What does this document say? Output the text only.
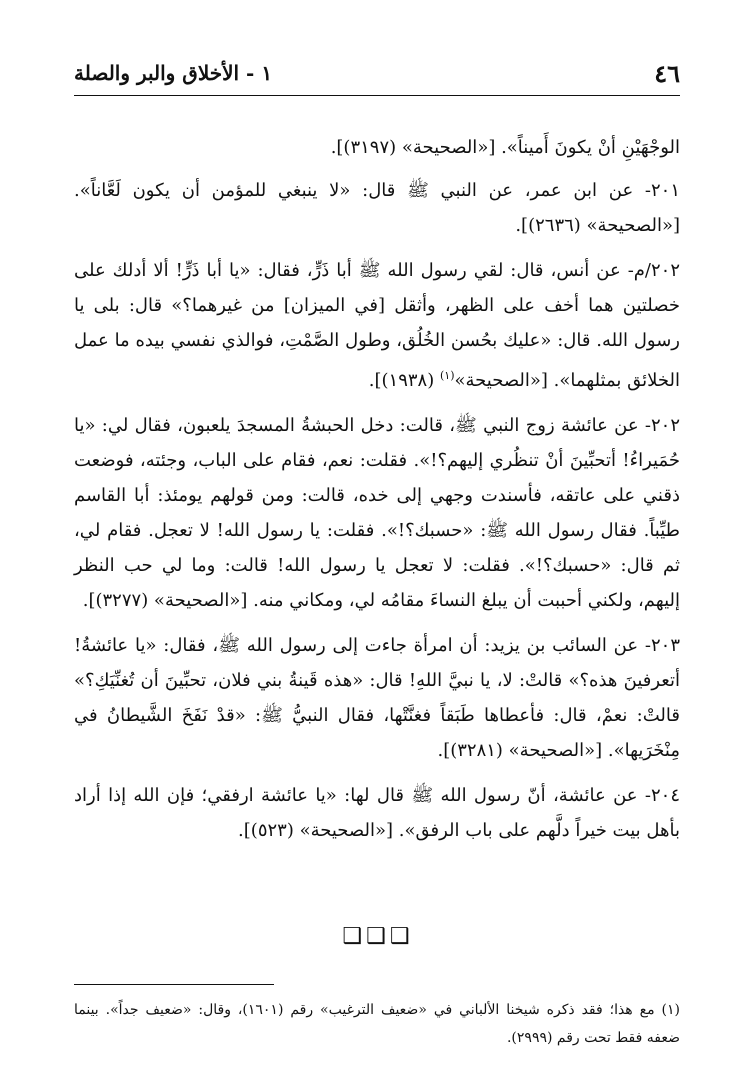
٤٦
١ - الأخلاق والبر والصلة

الوجْهَيْنِ أنْ يكونَ أَميناً». [«الصحيحة» (٣١٩٧)].

٢٠١- عن ابن عمر، عن النبي ﷺ قال: «لا ينبغي للمؤمن أن يكون لَعَّاناً». [«الصحيحة» (٢٦٣٦)].

٢٠٢/م- عن أنس، قال: لقي رسول الله ﷺ أبا ذَرٍّ، فقال: «يا أبا ذَرٍّ! ألا أدلك على خصلتين هما أخف على الظهر، وأثقل [في الميزان] من غيرهما؟» قال: بلى يا رسول الله. قال: «عليك بحُسن الخُلُق، وطول الصَّمْتِ، فوالذي نفسي بيده ما عمل الخلائق بمثلهما». [«الصحيحة»$^{(١)}$ (١٩٣٨)].

٢٠٢- عن عائشة زوج النبي ﷺ، قالت: دخل الحبشةُ المسجدَ يلعبون، فقال لي: «يا حُمَيراءُ! أتحبِّينَ أنْ تنظُري إليهم؟!». فقلت: نعم، فقام على الباب، وجئته، فوضعت ذقني على عاتقه، فأسندت وجهي إلى خده، قالت: ومن قولهم يومئذ: أبا القاسم طيِّباً. فقال رسول الله ﷺ: «حسبك؟!». فقلت: يا رسول الله! لا تعجل. فقام لي، ثم قال: «حسبك؟!». فقلت: لا تعجل يا رسول الله! قالت: وما لي حب النظر إليهم، ولكني أحببت أن يبلغ النساءَ مقامُه لي، ومكاني منه. [«الصحيحة» (٣٢٧٧)].

٢٠٣- عن السائب بن يزيد: أن امرأة جاءت إلى رسول الله ﷺ، فقال: «يا عائشةُ! أتعرفينَ هذه؟» قالتْ: لا، يا نبيَّ اللهِ! قال: «هذه قَينةُ بني فلان، تحبِّينَ أن تُغنِّيَكِ؟» قالتْ: نعمْ، قال: فأعطاها طَبَقاً فغنَّتْها، فقال النبيُّ ﷺ: «قدْ نَفَخَ الشَّيطانُ في مِنْخَرَيها». [«الصحيحة» (٣٢٨١)].

٢٠٤- عن عائشة، أنّ رسول الله ﷺ قال لها: «يا عائشة ارفقي؛ فإن الله إذا أراد بأهل بيت خيراً دلَّهم على باب الرفق». [«الصحيحة» (٥٢٣)].

❑❑❑
(١) مع هذا؛ فقد ذكره شيخنا الألباني في «ضعيف الترغيب» رقم (١٦٠١)، وقال: «ضعيف جداً». بينما ضعفه فقط تحت رقم (٢٩٩٩).
